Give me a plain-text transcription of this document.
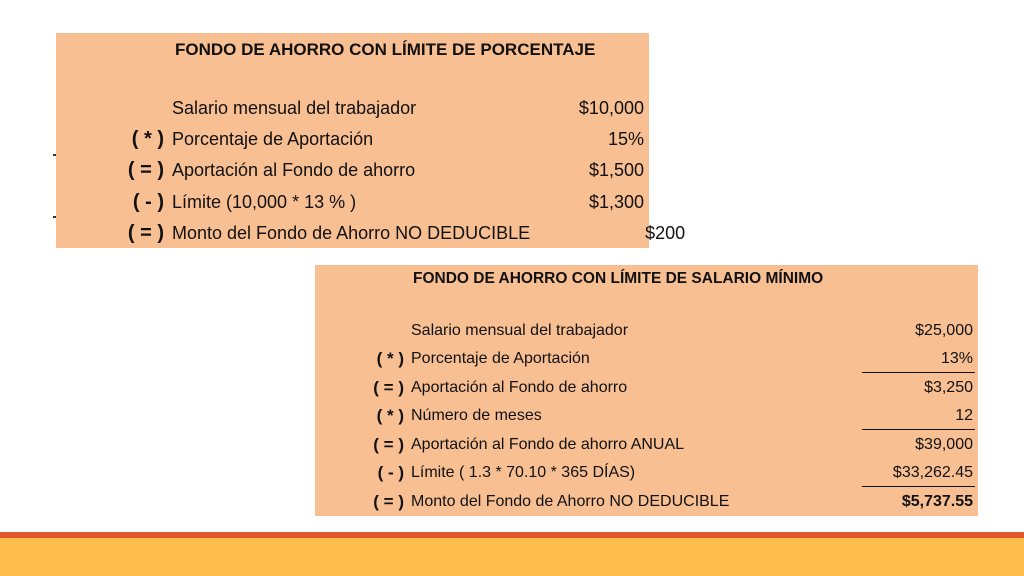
FONDO DE AHORRO CON LÍMITE DE PORCENTAJE
Salario mensual del trabajador	$10,000
( * ) Porcentaje de Aportación	15%
( = ) Aportación al Fondo de ahorro	$1,500
( - ) Límite (10,000 * 13 % )	$1,300
( = ) Monto del Fondo de Ahorro NO DEDUCIBLE	$200
FONDO DE AHORRO CON LÍMITE DE SALARIO MÍNIMO
Salario mensual del trabajador	$25,000
( * ) Porcentaje de Aportación	13%
( = ) Aportación al Fondo de ahorro	$3,250
( * ) Número de meses	12
( = ) Aportación al Fondo de ahorro ANUAL	$39,000
( - ) Límite ( 1.3 * 70.10 * 365 DÍAS)	$33,262.45
( = ) Monto del Fondo de Ahorro NO DEDUCIBLE	$5,737.55
